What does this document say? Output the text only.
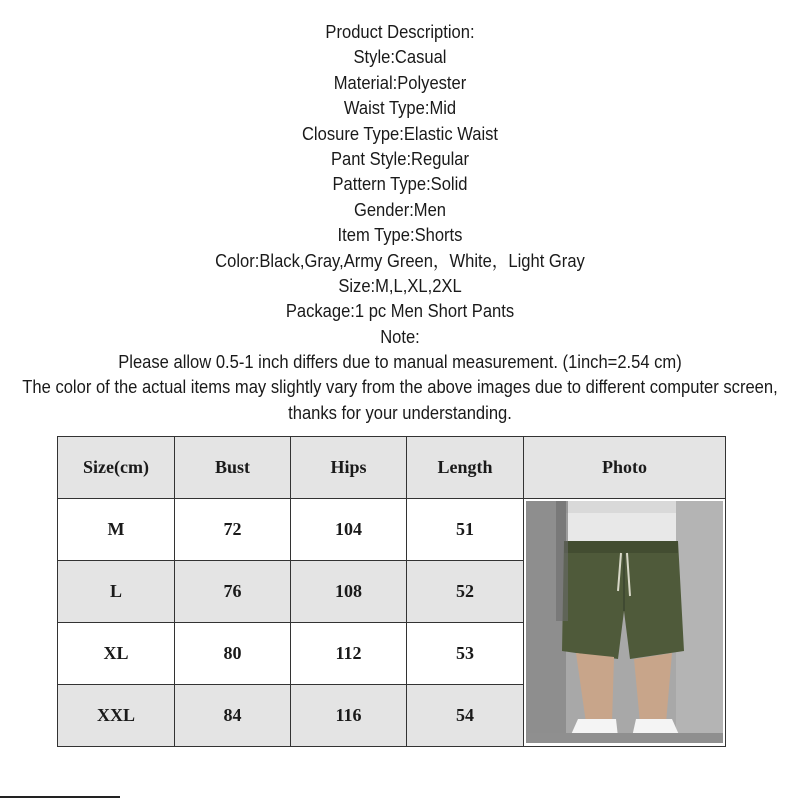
Product Description:
Style:Casual
Material:Polyester
Waist Type:Mid
Closure Type:Elastic Waist
Pant Style:Regular
Pattern Type:Solid
Gender:Men
Item Type:Shorts
Color:Black,Gray,Army Green，White，Light Gray
Size:M,L,XL,2XL
Package:1 pc Men Short Pants
Note:
Please allow 0.5-1 inch differs due to manual measurement. (1inch=2.54 cm)
The color of the actual items may slightly vary from the above images due to different computer screen,
thanks for your understanding.
Size(cm)	Bust	Hips	Length	Photo
M	72	104	51	

L	76	108	52	
XL	80	112	53	
XXL	84	116	54	
